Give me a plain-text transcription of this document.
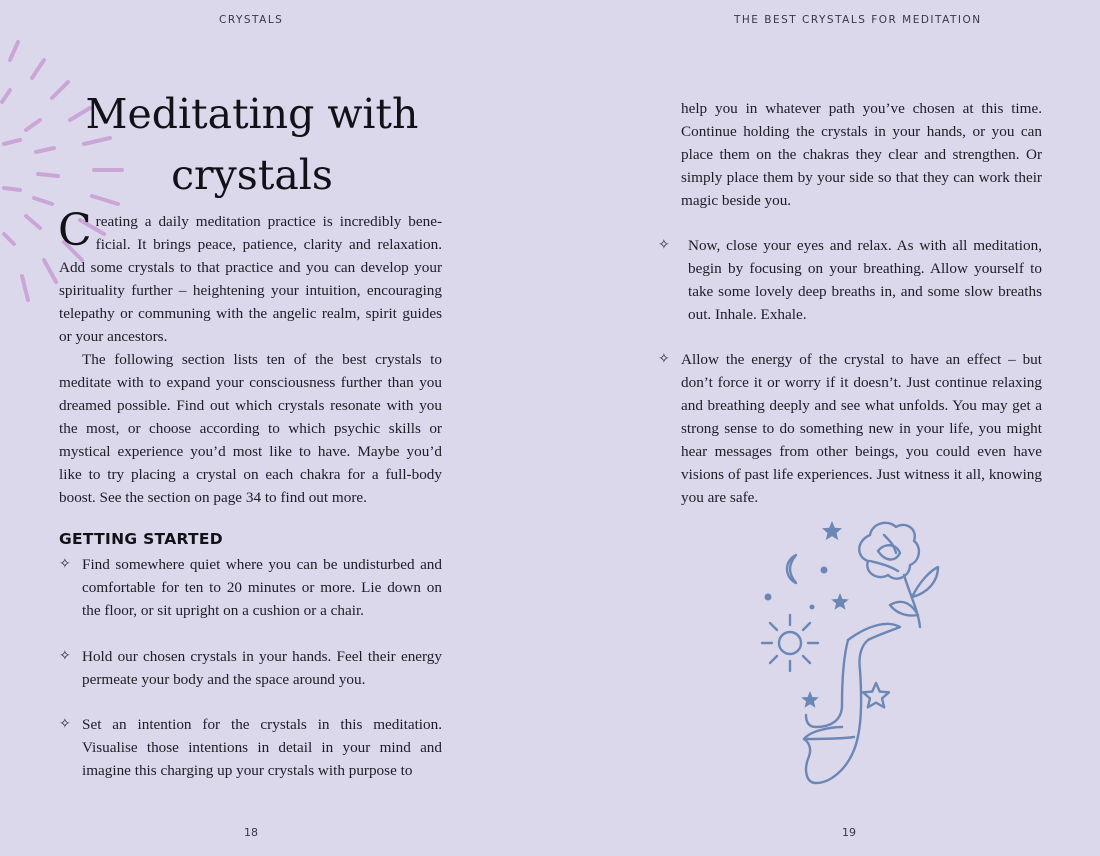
CRYSTALS
Meditating with
crystals

Creating a daily meditation practice is incredibly beneficial. It brings peace, patience, clarity and relaxation. Add some crystals to that practice and you can develop your spirituality further – heightening your intuition, encouraging telepathy or communing with the angelic realm, spirit guides or your ancestors.

The following section lists ten of the best crystals to meditate with to expand your consciousness further than you dreamed possible. Find out which crystals resonate with you the most, or choose according to which psychic skills or mystical experience you’d most like to have. Maybe you’d like to try placing a crystal on each chakra for a full-body boost. See the section on page 34 to find out more.

GETTING STARTED
✧ Find somewhere quiet where you can be undisturbed and comfortable for ten to 20 minutes or more. Lie down on the floor, or sit upright on a cushion or a chair.

✧ Hold our chosen crystals in your hands. Feel their energy permeate your body and the space around you.

✧ Set an intention for the crystals in this meditation. Visualise those intentions in detail in your mind and imagine this charging up your crystals with purpose to

18
THE BEST CRYSTALS FOR MEDITATION

help you in whatever path you’ve chosen at this time. Continue holding the crystals in your hands, or you can place them on the chakras they clear and strengthen. Or simply place them by your side so that they can work their magic beside you.

✧ Now, close your eyes and relax. As with all meditation, begin by focusing on your breathing. Allow yourself to take some lovely deep breaths in, and some slow breaths out. Inhale. Exhale.

✧ Allow the energy of the crystal to have an effect – but don’t force it or worry if it doesn’t. Just continue relaxing and breathing deeply and see what unfolds. You may get a strong sense to do something new in your life, you might hear messages from other beings, you could even have visions of past life experiences. Just witness it all, knowing you are safe.

19
